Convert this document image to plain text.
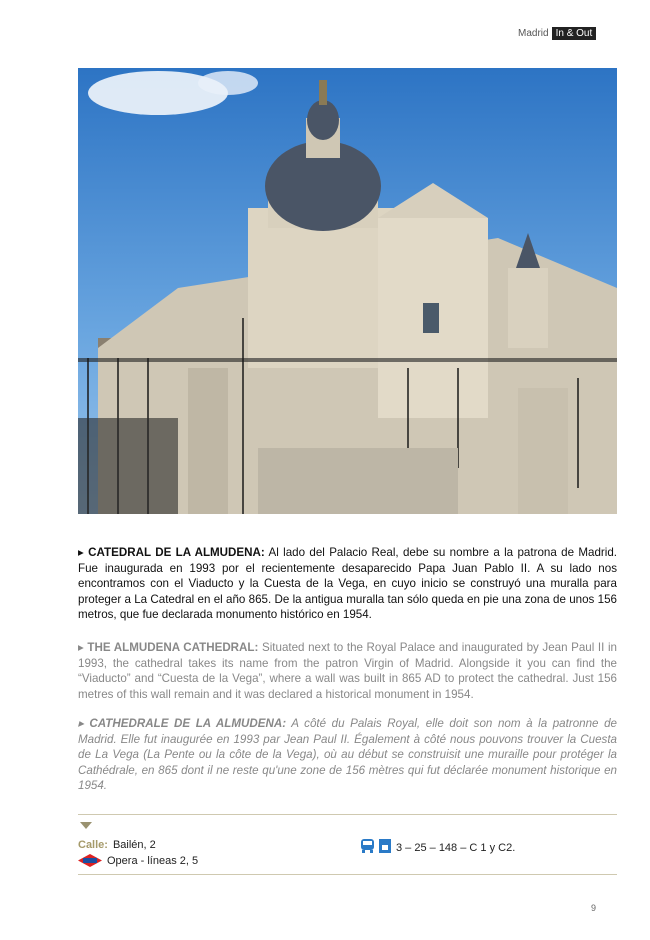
Madrid In & Out

▸ CATEDRAL DE LA ALMUDENA: Al lado del Palacio Real, debe su nombre a la patrona de Madrid. Fue inaugurada en 1993 por el recientemente desaparecido Papa Juan Pablo II. A su lado nos encontramos con el Viaducto y la Cuesta de la Vega, en cuyo inicio se construyó una muralla para proteger a La Catedral en el año 865. De la antigua muralla tan sólo queda en pie una zona de unos 156 metros, que fue declarada monumento histórico en 1954.

▸ THE ALMUDENA CATHEDRAL: Situated next to the Royal Palace and inaugurated by Jean Paul II in 1993, the cathedral takes its name from the patron Virgin of Madrid. Alongside it you can find the “Viaducto” and “Cuesta de la Vega”, where a wall was built in 865 AD to protect the cathedral. Just 156 metres of this wall remain and it was declared a historical monument in 1954.

▸ CATHEDRALE DE LA ALMUDENA: A côté du Palais Royal, elle doit son nom à la patronne de Madrid. Elle fut inaugurée en 1993 par Jean Paul II. Également à côté nous pouvons trouver la Cuesta de La Vega (La Pente ou la côte de la Vega), où au début se construisit une muraille pour protéger la Cathédrale, en 865 dont il ne reste qu'une zone de 156 mètres qui fut déclarée monument historique en 1954.

Calle: Bailén, 2
Opera - líneas 2, 5
3 – 25 – 148 – C 1 y C2.
9
